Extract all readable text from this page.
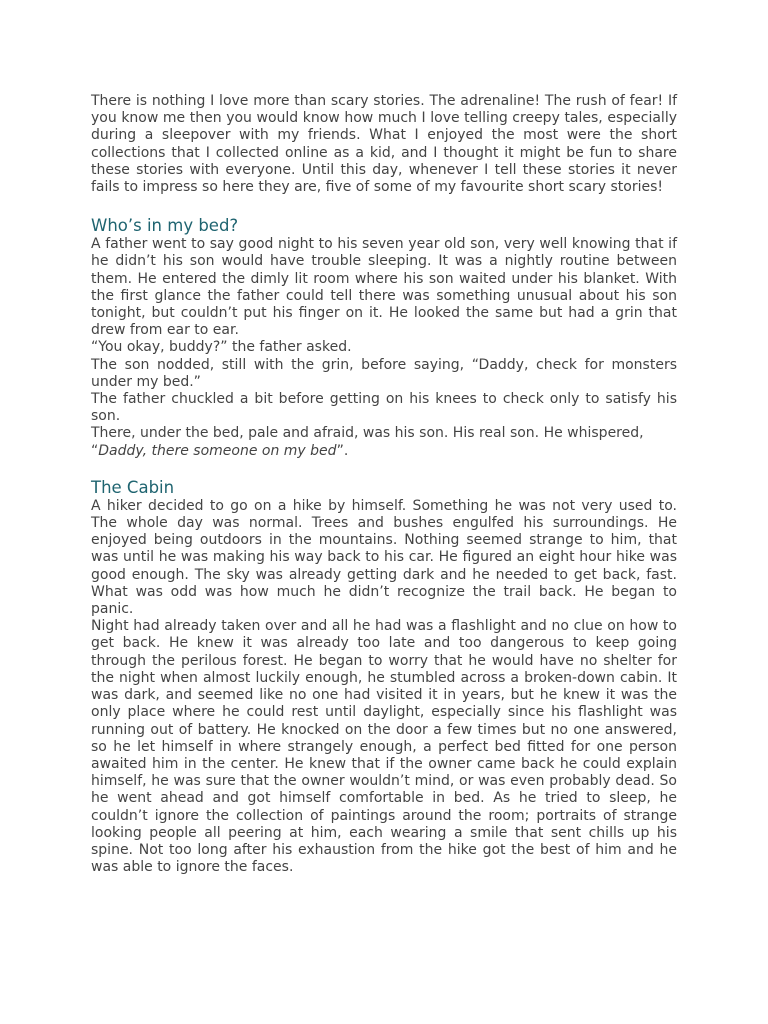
There is nothing I love more than scary stories. The adrenaline! The rush of fear! If you know me then you would know how much I love telling creepy tales, especially during a sleepover with my friends. What I enjoyed the most were the short collections that I collected online as a kid, and I thought it might be fun to share these stories with everyone. Until this day, whenever I tell these stories it never fails to impress so here they are, five of some of my favourite short scary stories!

Who’s in my bed?

A father went to say good night to his seven year old son, very well knowing that if he didn’t his son would have trouble sleeping. It was a nightly routine between them. He entered the dimly lit room where his son waited under his blanket. With the first glance the father could tell there was something unusual about his son tonight, but couldn’t put his finger on it. He looked the same but had a grin that drew from ear to ear.

“You okay, buddy?” the father asked.

The son nodded, still with the grin, before saying, “Daddy, check for monsters under my bed.”

The father chuckled a bit before getting on his knees to check only to satisfy his son.

There, under the bed, pale and afraid, was his son. His real son. He whispered,

“Daddy, there someone on my bed”.

The Cabin

A hiker decided to go on a hike by himself. Something he was not very used to. The whole day was normal. Trees and bushes engulfed his surroundings. He enjoyed being outdoors in the mountains. Nothing seemed strange to him, that was until he was making his way back to his car. He figured an eight hour hike was good enough. The sky was already getting dark and he needed to get back, fast. What was odd was how much he didn’t recognize the trail back. He began to panic.

Night had already taken over and all he had was a flashlight and no clue on how to get back. He knew it was already too late and too dangerous to keep going through the perilous forest. He began to worry that he would have no shelter for the night when almost luckily enough, he stumbled across a broken-down cabin. It was dark, and seemed like no one had visited it in years, but he knew it was the only place where he could rest until daylight, especially since his flashlight was running out of battery. He knocked on the door a few times but no one answered, so he let himself in where strangely enough, a perfect bed fitted for one person awaited him in the center. He knew that if the owner came back he could explain himself, he was sure that the owner wouldn’t mind, or was even probably dead. So he went ahead and got himself comfortable in bed. As he tried to sleep, he couldn’t ignore the collection of paintings around the room; portraits of strange looking people all peering at him, each wearing a smile that sent chills up his spine. Not too long after his exhaustion from the hike got the best of him and he was able to ignore the faces.
